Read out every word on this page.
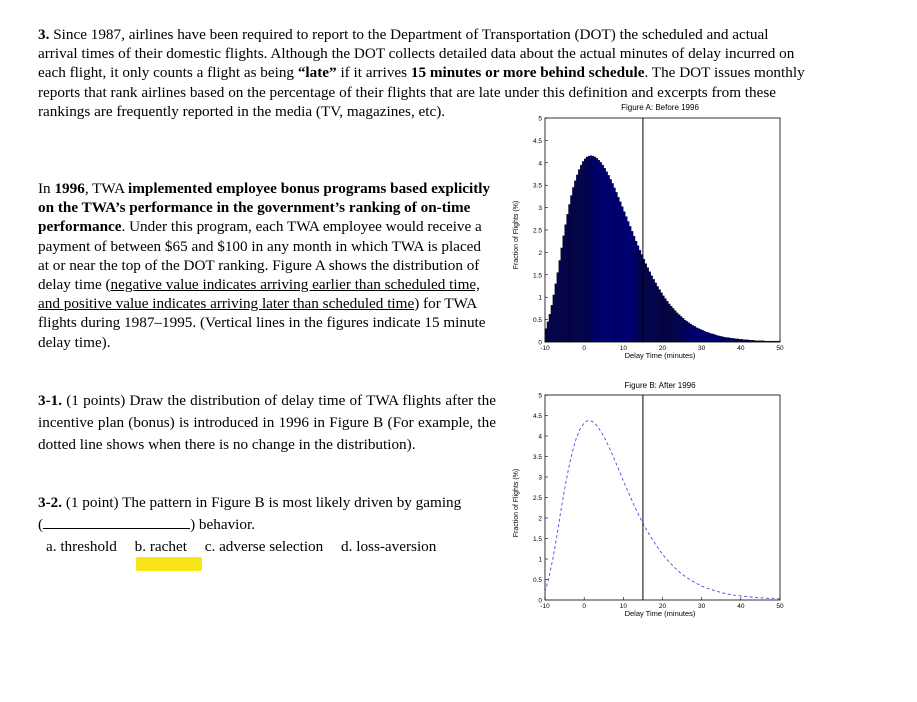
3. Since 1987, airlines have been required to report to the Department of Transportation (DOT) the scheduled and actual arrival times of their domestic flights. Although the DOT collects detailed data about the actual minutes of delay incurred on each flight, it only counts a flight as being “late” if it arrives 15 minutes or more behind schedule. The DOT issues monthly reports that rank airlines based on the percentage of their flights that are late under this definition and excerpts from these rankings are frequently reported in the media (TV, magazines, etc).
In 1996, TWA implemented employee bonus programs based explicitly on the TWA’s performance in the government’s ranking of on-time performance. Under this program, each TWA employee would receive a payment of between $65 and $100 in any month in which TWA is placed at or near the top of the DOT ranking. Figure A shows the distribution of delay time (negative value indicates arriving earlier than scheduled time, and positive value indicates arriving later than scheduled time) for TWA flights during 1987–1995. (Vertical lines in the figures indicate 15 minute delay time).
3-1. (1 points) Draw the distribution of delay time of TWA flights after the incentive plan (bonus) is introduced in 1996 in Figure B (For example, the dotted line shows when there is no change in the distribution).
3-2. (1 point) The pattern in Figure B is most likely driven by gaming
(	) behavior.
a. threshold b. rachet c. adverse selection d. loss-aversion
Figure A: Before 1996
Fraction of Flights (%)
Delay Time (minutes)
0
0.5
1
1.5
2
2.5
3
3.5
4
4.5
5
-10	0	10	20	30	40	50
Figure B: After 1996
Fraction of Flights (%)
Delay Time (minutes)
0
0.5
1
1.5
2
2.5
3
3.5
4
4.5
5
-10	0	10	20	30	40	50
